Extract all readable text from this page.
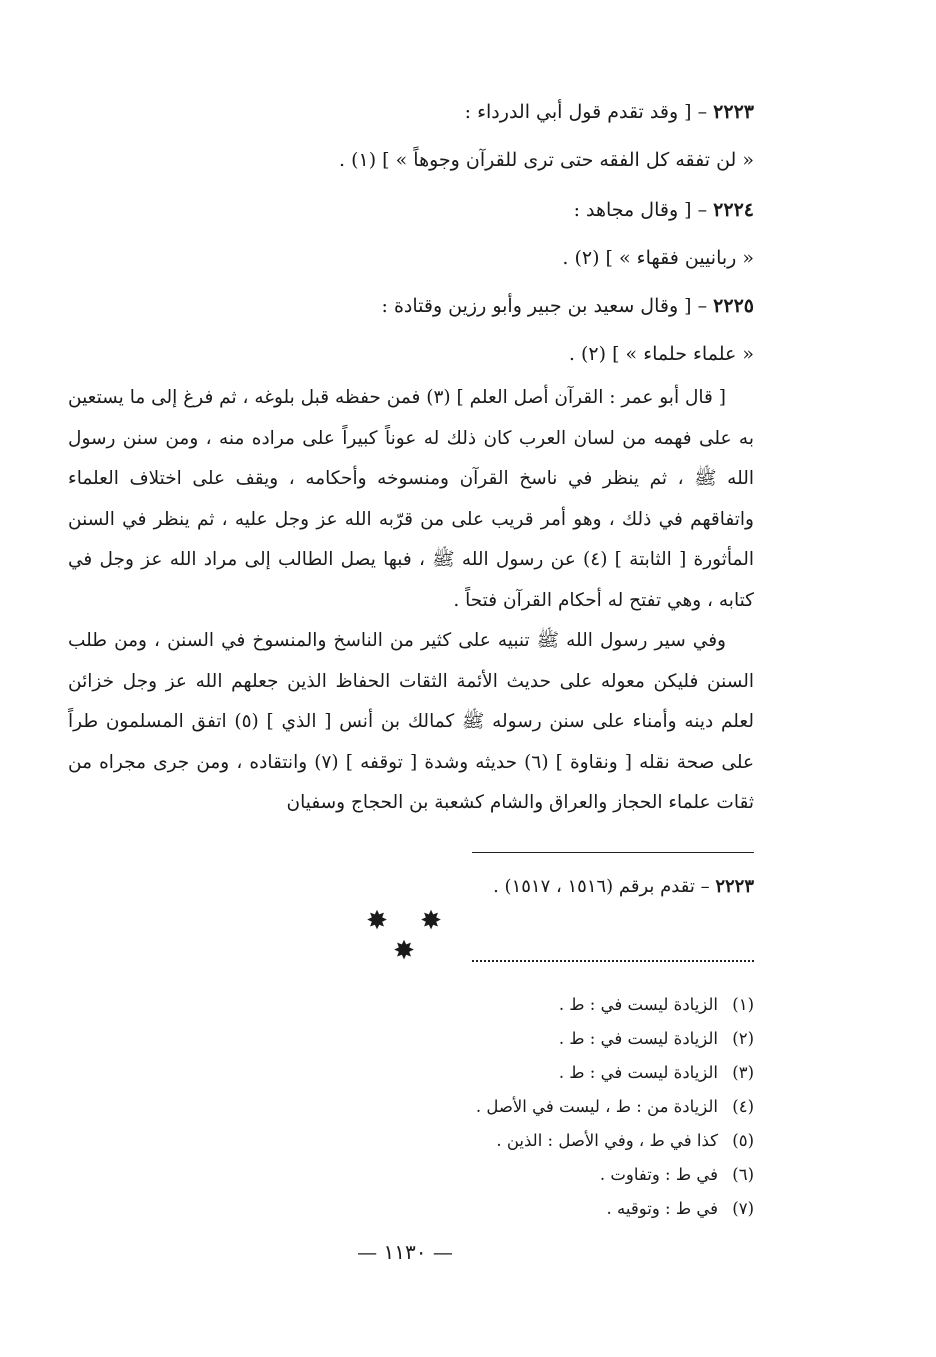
٢٢٢٣ – [ وقد تقدم قول أبي الدرداء :
« لن تفقه كل الفقه حتى ترى للقرآن وجوهاً » ] (١) .
٢٢٢٤ – [ وقال مجاهد :
« ربانيين فقهاء » ] (٢) .
٢٢٢٥ – [ وقال سعيد بن جبير وأبو رزين وقتادة :
« علماء حلماء » ] (٢) .

[ قال أبو عمر : القرآن أصل العلم ] (٣) فمن حفظه قبل بلوغه ، ثم فرغ إلى ما يستعين به على فهمه من لسان العرب كان ذلك له عوناً كبيراً على مراده منه ، ومن سنن رسول الله ﷺ ، ثم ينظر في ناسخ القرآن ومنسوخه وأحكامه ، ويقف على اختلاف العلماء واتفاقهم في ذلك ، وهو أمر قريب على من قرّبه الله عز وجل عليه ، ثم ينظر في السنن المأثورة [ الثابتة ] (٤) عن رسول الله ﷺ ، فبها يصل الطالب إلى مراد الله عز وجل في كتابه ، وهي تفتح له أحكام القرآن فتحاً .

وفي سير رسول الله ﷺ تنبيه على كثير من الناسخ والمنسوخ في السنن ، ومن طلب السنن فليكن معوله على حديث الأئمة الثقات الحفاظ الذين جعلهم الله عز وجل خزائن لعلم دينه وأمناء على سنن رسوله ﷺ كمالك بن أنس [ الذي ] (٥) اتفق المسلمون طراً على صحة نقله [ ونقاوة ] (٦) حديثه وشدة [ توقفه ] (٧) وانتقاده ، ومن جرى مجراه من ثقات علماء الحجاز والعراق والشام كشعبة بن الحجاج وسفيان

٢٢٢٣ – تقدم برقم (١٥١٦ ، ١٥١٧) .
✸ ✸ ✸
(١)الزيادة ليست في : ط .
(٢)الزيادة ليست في : ط .
(٣)الزيادة ليست في : ط .
(٤)الزيادة من : ط ، ليست في الأصل .
(٥)كذا في ط ، وفي الأصل : الذين .
(٦)في ط : وتفاوت .
(٧)في ط : وتوقيه .
— ١١٣٠ —
